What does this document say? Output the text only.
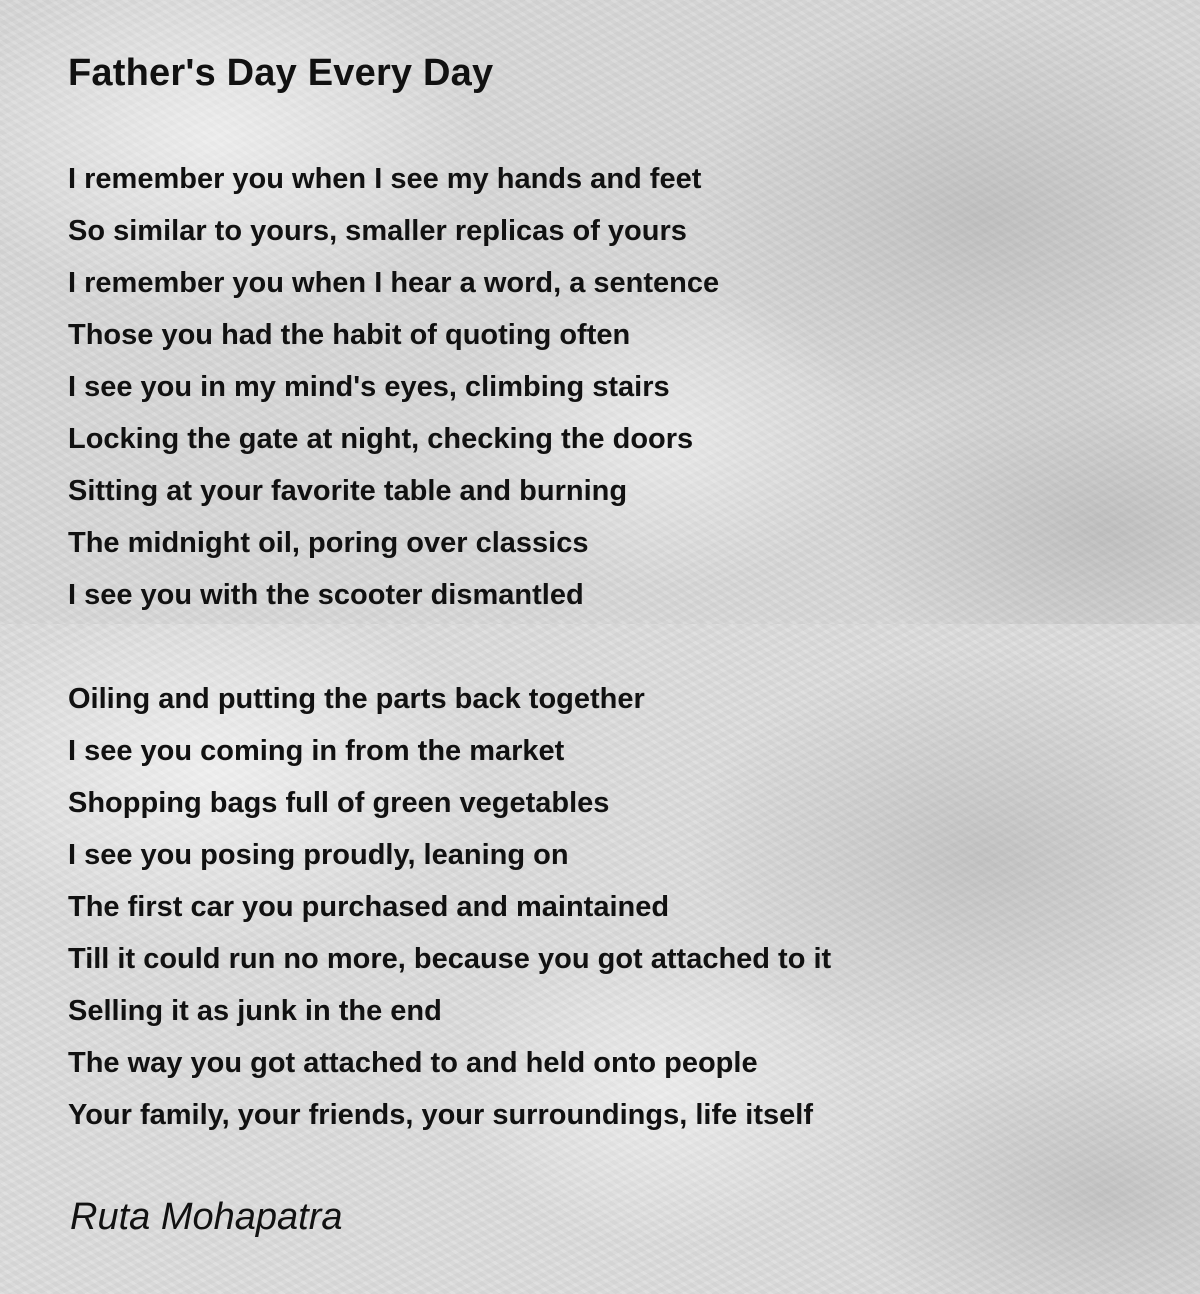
Father's Day Every Day
I remember you when I see my hands and feet
So similar to yours, smaller replicas of yours
I remember you when I hear a word, a sentence
Those you had the habit of quoting often
I see you in my mind's eyes, climbing stairs
Locking the gate at night, checking the doors
Sitting at your favorite table and burning
The midnight oil, poring over classics
I see you with the scooter dismantled
Oiling and putting the parts back together
I see you coming in from the market
Shopping bags full of green vegetables
I see you posing proudly, leaning on
The first car you purchased and maintained
Till it could run no more, because you got attached to it
Selling it as junk in the end
The way you got attached to and held onto people
Your family, your friends, your surroundings, life itself

Ruta Mohapatra
